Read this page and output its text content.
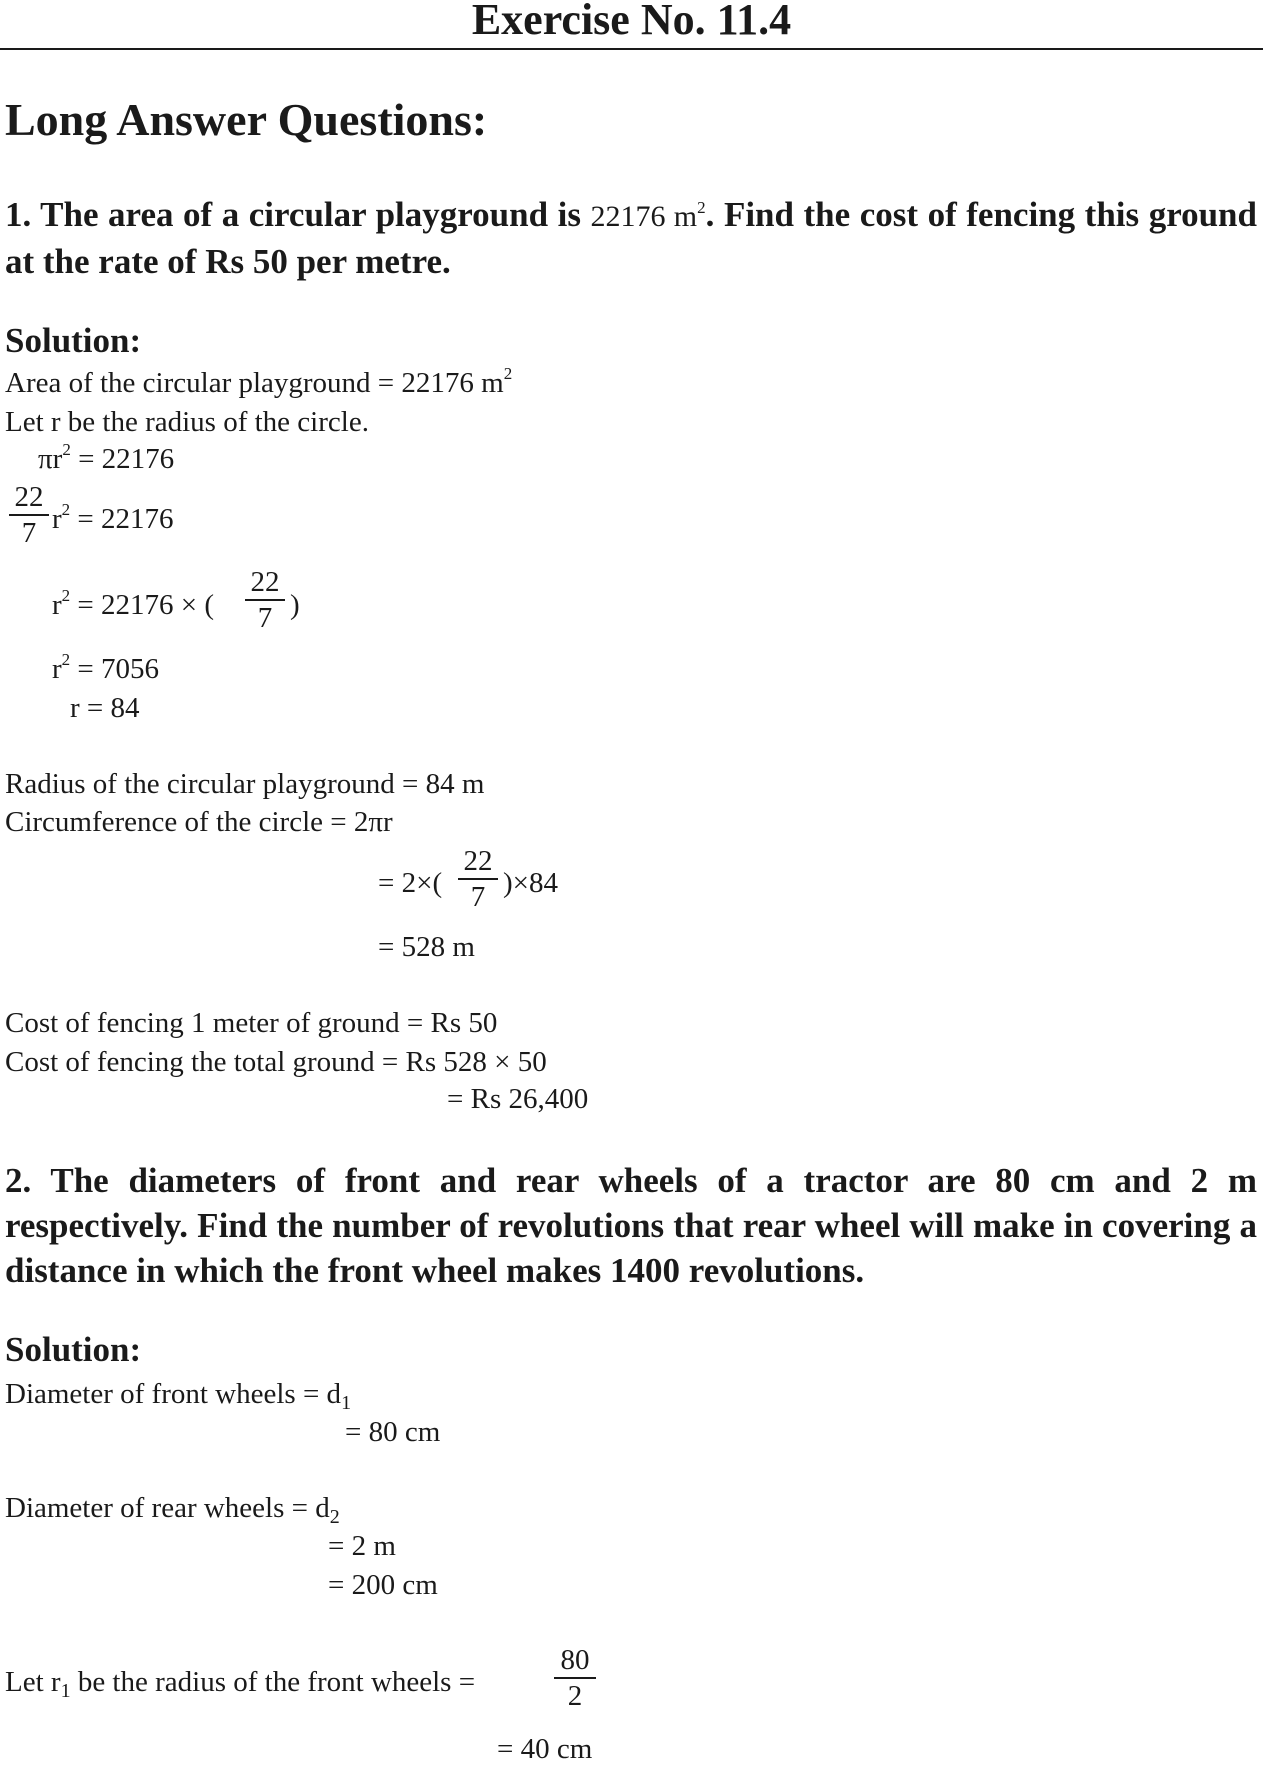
Exercise No. 11.4
Long Answer Questions:
1. The area of a circular playground is 22176 $m^2$. Find the cost of fencing this ground at the rate of Rs 50 per metre.
Solution:
Area of the circular playground = 22176 $m^2$
Let r be the radius of the circle.
$\pi r^2 = 22176$
22
7 $r^2 = 22176$
$r^2 = 22176$ × (
22
7 )
$r^2 = 7056$
r = 84
Radius of the circular playground = 84 m
Circumference of the circle = 2πr
= 2×(
22
7 )×84
= 528 m
Cost of fencing 1 meter of ground = Rs 50
Cost of fencing the total ground = Rs 528 × 50
= Rs 26,400
2. The diameters of front and rear wheels of a tractor are 80 cm and 2 m respectively. Find the number of revolutions that rear wheel will make in covering a distance in which the front wheel makes 1400 revolutions.
Solution:
Diameter of front wheels = $d_1$
= 80 cm
Diameter of rear wheels = $d_2$
= 2 m
= 200 cm
Let $r_1$ be the radius of the front wheels =
80
2
= 40 cm
